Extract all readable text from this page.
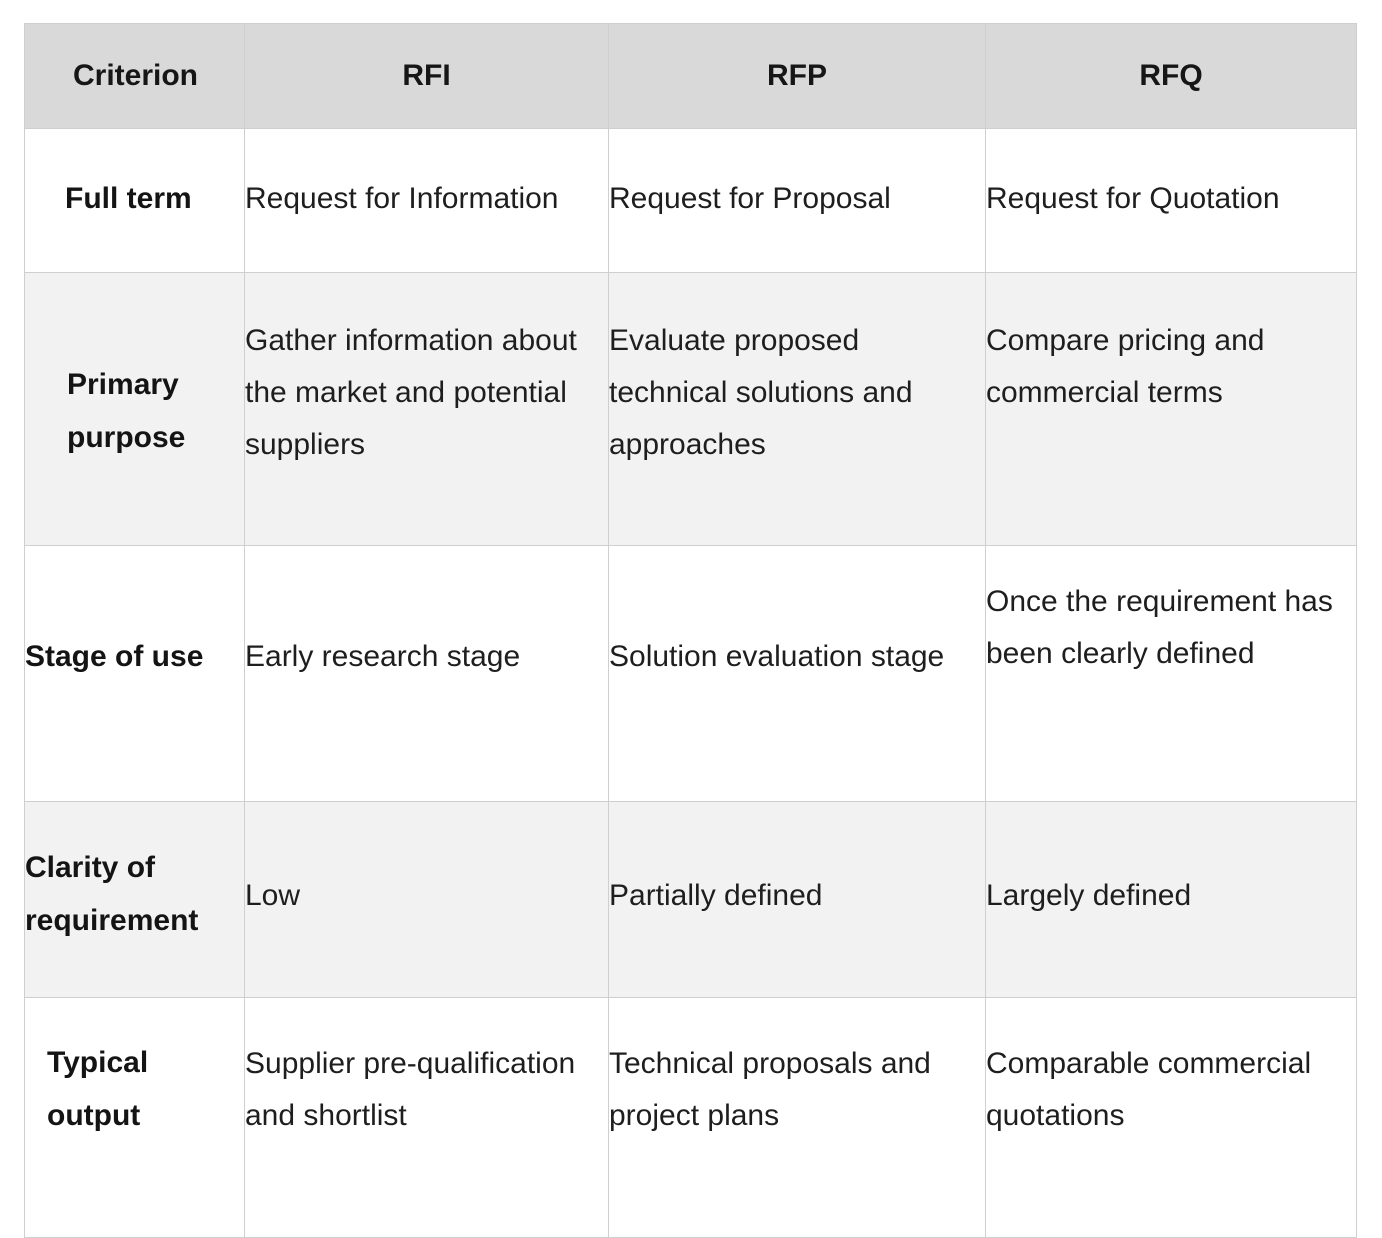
Criterion	RFI	RFP	RFQ
Full term	Request for Information	Request for Proposal	Request for Quotation
Primary purpose	Gather information about the market and potential suppliers	Evaluate proposed technical solutions and approaches	Compare pricing and commercial terms
Stage of use	Early research stage	Solution evaluation stage	Once the requirement has been clearly defined
Clarity of requirement	Low	Partially defined	Largely defined
Typical output	Supplier pre-qualification and shortlist	Technical proposals and project plans	Comparable commercial quotations
